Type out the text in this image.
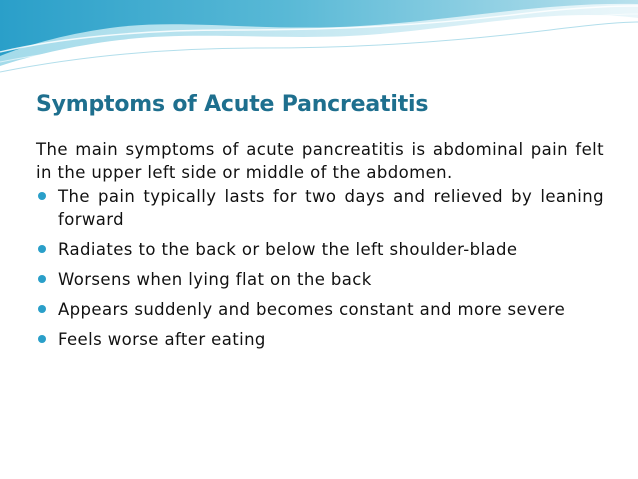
Symptoms of Acute Pancreatitis

The main symptoms of acute pancreatitis is abdominal pain felt in the upper left side or middle of the abdomen.

The pain typically lasts for two days and relieved by leaning forward
Radiates to the back or below the left shoulder-blade
Worsens when lying flat on the back
Appears suddenly and becomes constant and more severe
Feels worse after eating
